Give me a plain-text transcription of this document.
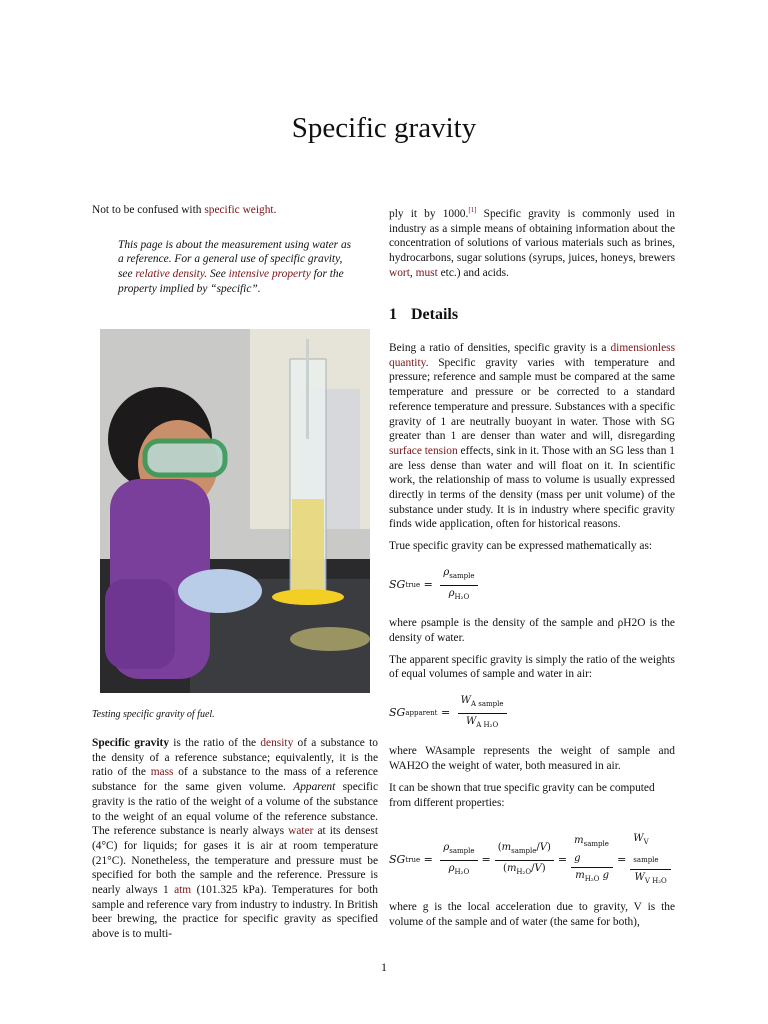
Specific gravity

Not to be confused with specific weight.

This page is about the measurement using water as a reference. For a general use of specific gravity, see relative density. See intensive property for the property implied by “specific”.

Testing specific gravity of fuel.

Specific gravity is the ratio of the density of a substance to the density of a reference substance; equivalently, it is the ratio of the mass of a substance to the mass of a reference substance for the same given volume. Apparent specific gravity is the ratio of the weight of a volume of the substance to the weight of an equal volume of the reference substance. The reference substance is nearly always water at its densest (4°C) for liquids; for gases it is air at room temperature (21°C). Nonetheless, the temperature and pressure must be specified for both the sample and the reference. Pressure is nearly always 1 atm (101.325 kPa). Temperatures for both sample and reference vary from industry to industry. In British beer brewing, the practice for specific gravity as specified above is to multi-

ply it by 1000.[1] Specific gravity is commonly used in industry as a simple means of obtaining information about the concentration of solutions of various materials such as brines, hydrocarbons, sugar solutions (syrups, juices, honeys, brewers wort, must etc.) and acids.

1 Details

Being a ratio of densities, specific gravity is a dimensionless quantity. Specific gravity varies with temperature and pressure; reference and sample must be compared at the same temperature and pressure or be corrected to a standard reference temperature and pressure. Substances with a specific gravity of 1 are neutrally buoyant in water. Those with SG greater than 1 are denser than water and will, disregarding surface tension effects, sink in it. Those with an SG less than 1 are less dense than water and will float on it. In scientific work, the relationship of mass to volume is usually expressed directly in terms of the density (mass per unit volume) of the substance under study. It is in industry where specific gravity finds wide application, often for historical reasons.

True specific gravity can be expressed mathematically as:

SG true = $\frac{\rho_{sample}}{\rho_{H_2O}}$

where ρsample is the density of the sample and ρH2O is the density of water.

The apparent specific gravity is simply the ratio of the weights of equal volumes of sample and water in air:

SG apparent = $\frac{W_{A sample}}{W_{A H_2O}}$

where WAsample represents the weight of sample and WAH2O the weight of water, both measured in air.

It can be shown that true specific gravity can be computed from different properties:

SG true = $\frac{\rho_{sample}}{\rho_{H_2O}} = \frac{(m_{sample}/V)}{(m_{H_2O}/V)} = \frac{m_{sample} g}{m_{H_2O} g} = \frac{W_{V sample}}{W_{V H_2O}}$

where g is the local acceleration due to gravity, V is the volume of the sample and of water (the same for both),

1
